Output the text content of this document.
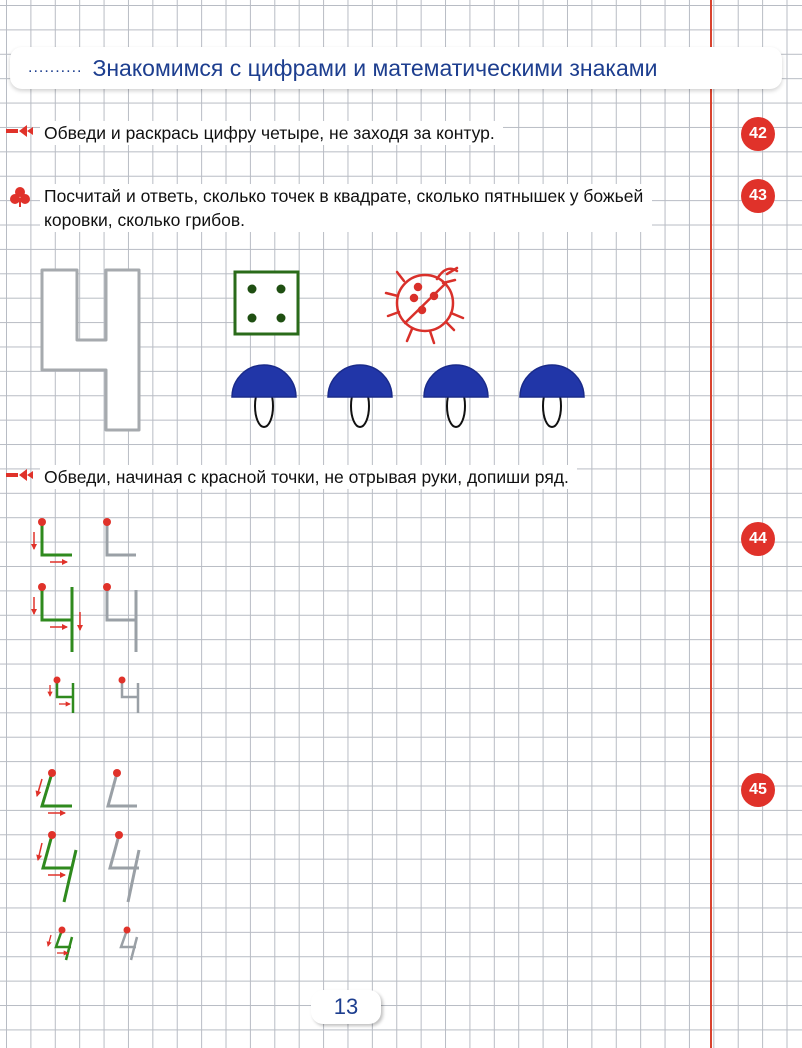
.......... Знакомимся с цифрами и математическими знаками
Обведи и раскрась цифру четыре, не заходя за контур.	42
Посчитай и ответь, сколько точек в квадрате, сколько пятнышек у божьей коровки, сколько грибов.
43
Обведи, начиная с красной точки, не отрывая руки, допиши ряд.
44
45
13
